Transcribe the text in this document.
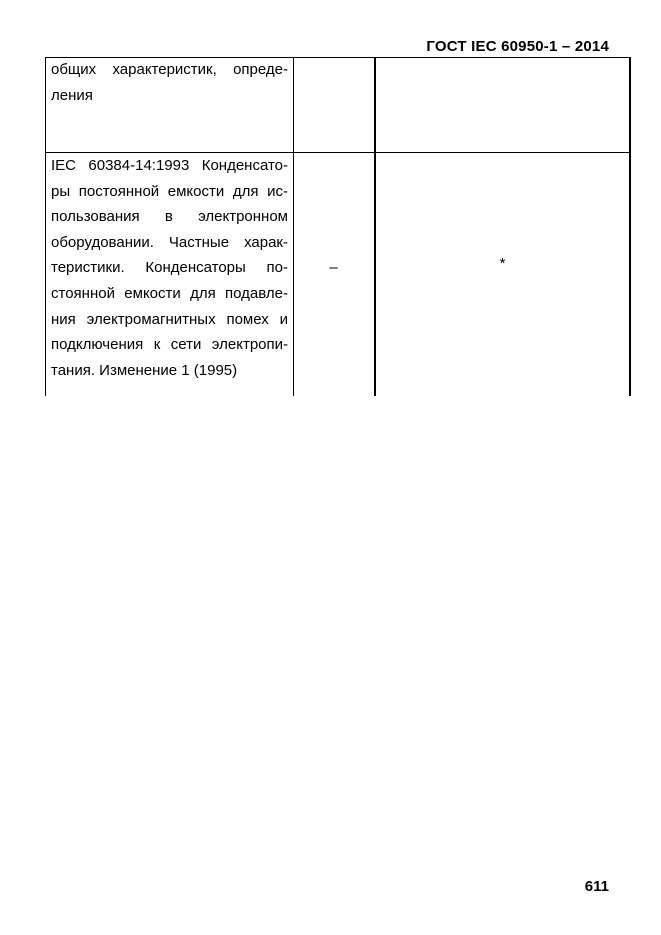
ГОСТ IEC 60950-1 – 2014
общих характеристик, опреде-
ления
IEC 60384-14:1993 Конденсато-
ры постоянной емкости для ис-
пользования в электронном
оборудовании. Частные харак-
теристики. Конденсаторы по-
стоянной емкости для подавле-
ния электромагнитных помех и
подключения к сети электропи-
тания. Изменение 1 (1995)
–	*
611
